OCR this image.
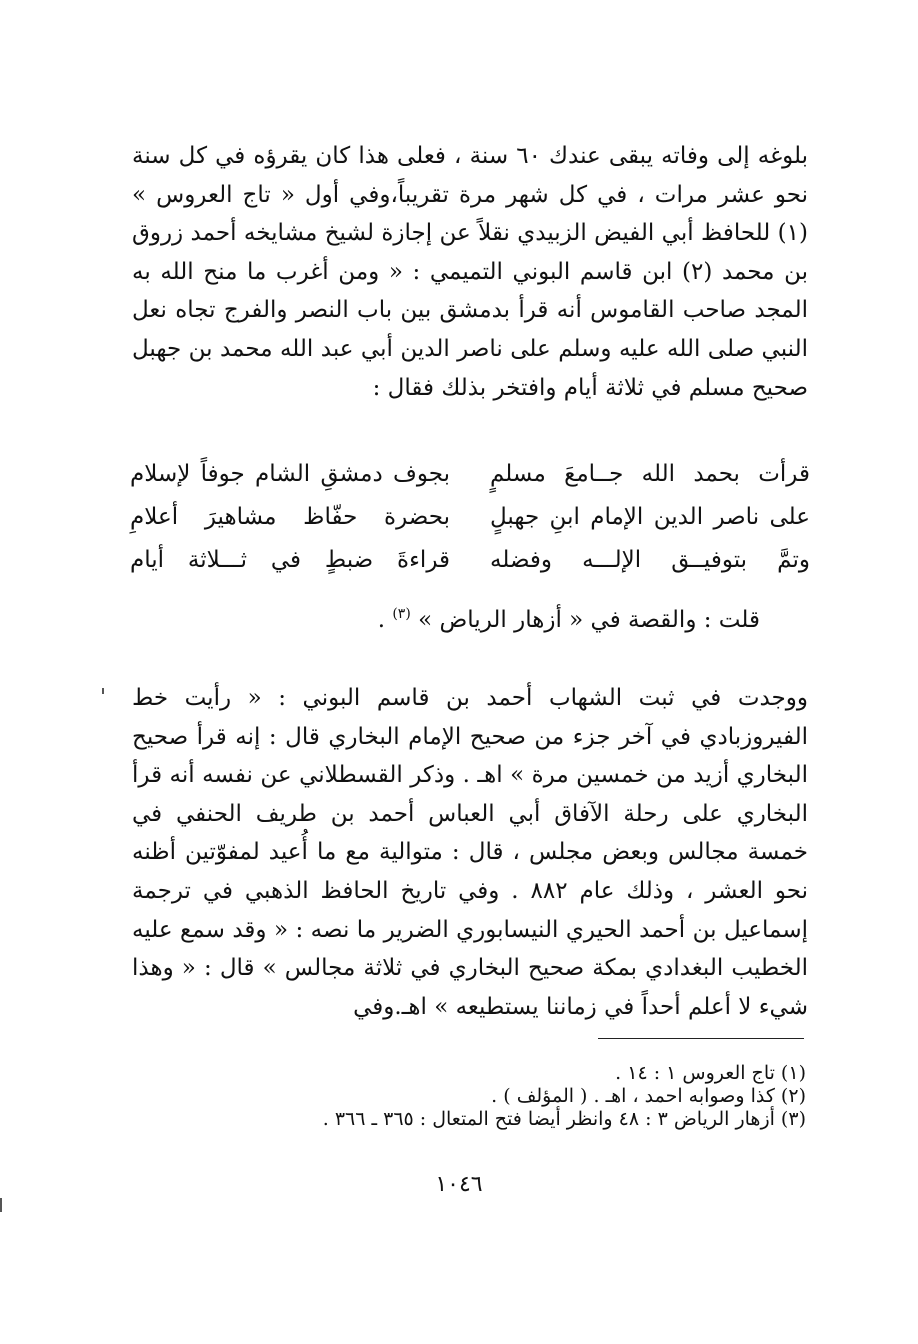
بلوغه إلى وفاته يبقى عندك ٦٠ سنة ، فعلى هذا كان يقرؤه في كل سنة نحو عشر مرات ، في كل شهر مرة تقريباً،وفي أول « تاج العروس » (١) للحافظ أبي الفيض الزبيدي نقلاً عن إجازة لشيخ مشايخه أحمد زروق بن محمد (٢) ابن قاسم البوني التميمي : « ومن أغرب ما منح الله به المجد صاحب القاموس أنه قرأ بدمشق بين باب النصر والفرج تجاه نعل النبي صلى الله عليه وسلم على ناصر الدين أبي عبد الله محمد بن جهبل صحيح مسلم في ثلاثة أيام وافتخر بذلك فقال :
قرأت بحمد الله جــامعَ مسلمٍ
بجوف دمشقِ الشام جوفاً لإسلام
على ناصر الدين الإمام ابنِ جهبلٍ
بحضرة حفّاظ مشاهيرَ أعلامِ
وتمَّ بتوفيــق الإلـــه وفضله
قراءةَ ضبطٍ في ثـــلاثة أيام
قلت : والقصة في « أزهار الرياض » $^{(٣)}$ .
ووجدت في ثبت الشهاب أحمد بن قاسم البوني : « رأيت خط الفيروزبادي في آخر جزء من صحيح الإمام البخاري قال : إنه قرأ صحيح البخاري أزيد من خمسين مرة » اهـ . وذكر القسطلاني عن نفسه أنه قرأ البخاري على رحلة الآفاق أبي العباس أحمد بن طريف الحنفي في خمسة مجالس وبعض مجلس ، قال : متوالية مع ما أُعيد لمفوّتين أظنه نحو العشر ، وذلك عام ٨٨٢ . وفي تاريخ الحافظ الذهبي في ترجمة إسماعيل بن أحمد الحيري النيسابوري الضرير ما نصه : « وقد سمع عليه الخطيب البغدادي بمكة صحيح البخاري في ثلاثة مجالس » قال : « وهذا شيء لا أعلم أحداً في زماننا يستطيعه » اهـ.وفي
(١) تاج العروس ١ : ١٤ .
(٢) كذا وصوابه احمد ، اهـ . ( المؤلف ) .
(٣) أزهار الرياض ٣ : ٤٨ وانظر أيضا فتح المتعال : ٣٦٥ ـ ٣٦٦ .
١٠٤٦
